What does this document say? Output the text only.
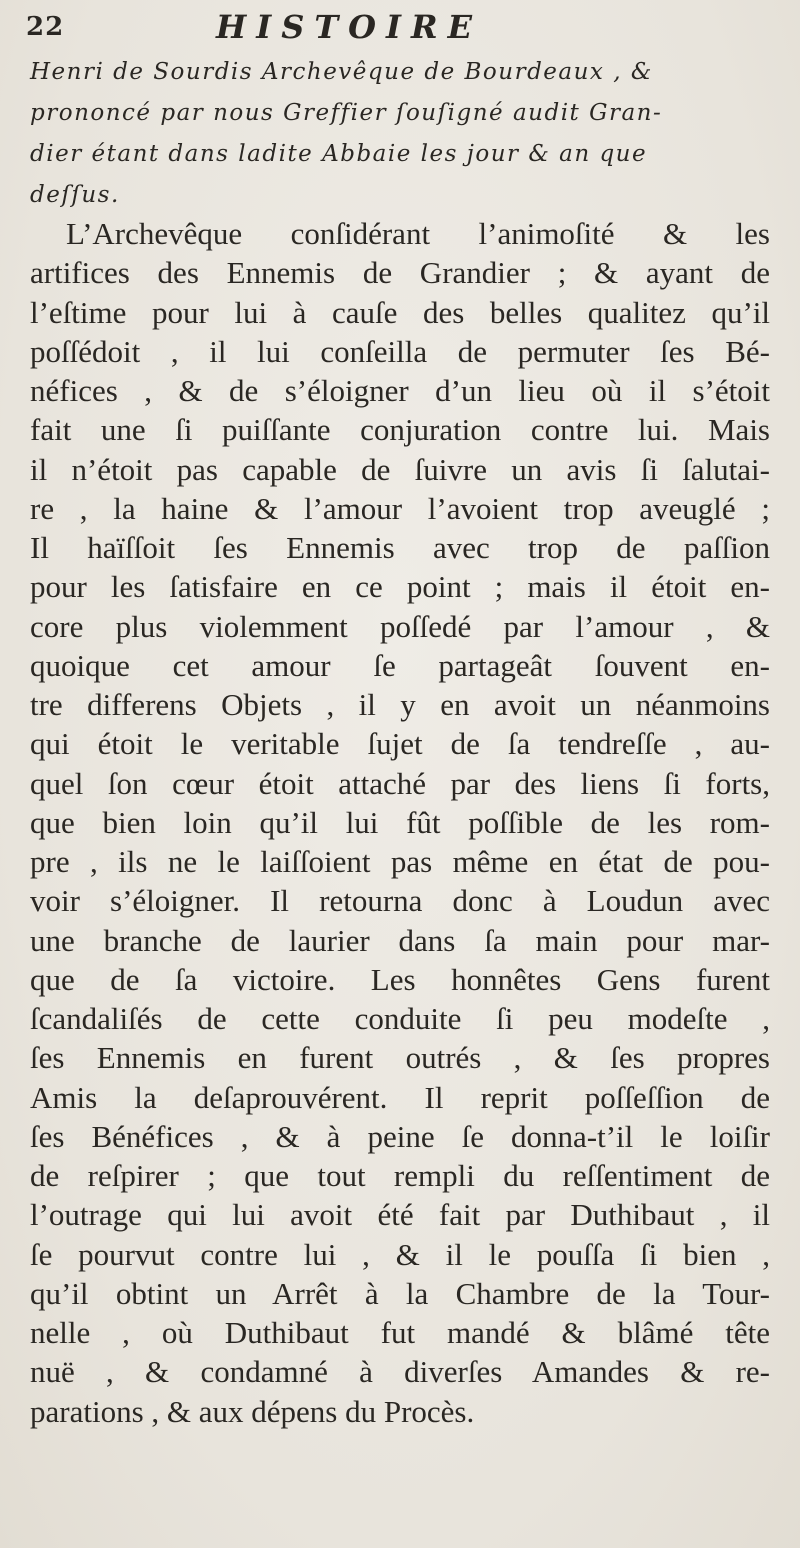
22	HISTOIRE
Henri de Sourdis Archevêque de Bourdeaux , &
prononcé par nous Greffier ſouſigné audit Gran-
dier étant dans ladite Abbaie les jour & an que
deſſus.
L’Archevêque conſidérant l’animoſité & les
artifices des Ennemis de Grandier ; & ayant de
l’eſtime pour lui à cauſe des belles qualitez qu’il
poſſédoit , il lui conſeilla de permuter ſes Bé-
néfices , & de s’éloigner d’un lieu où il s’étoit
fait une ſi puiſſante conjuration contre lui. Mais
il n’étoit pas capable de ſuivre un avis ſi ſalutai-
re , la haine & l’amour l’avoient trop aveuglé ;
Il haïſſoit ſes Ennemis avec trop de paſſion
pour les ſatisfaire en ce point ; mais il étoit en-
core plus violemment poſſedé par l’amour , &
quoique cet amour ſe partageât ſouvent en-
tre differens Objets , il y en avoit un néanmoins
qui étoit le veritable ſujet de ſa tendreſſe , au-
quel ſon cœur étoit attaché par des liens ſi forts,
que bien loin qu’il lui fût poſſible de les rom-
pre , ils ne le laiſſoient pas même en état de pou-
voir s’éloigner. Il retourna donc à Loudun avec
une branche de laurier dans ſa main pour mar-
que de ſa victoire. Les honnêtes Gens furent
ſcandaliſés de cette conduite ſi peu modeſte ,
ſes Ennemis en furent outrés , & ſes propres
Amis la deſaprouvérent. Il reprit poſſeſſion de
ſes Bénéfices , & à peine ſe donna-t’il le loiſir
de reſpirer ; que tout rempli du reſſentiment de
l’outrage qui lui avoit été fait par Duthibaut , il
ſe pourvut contre lui , & il le pouſſa ſi bien ,
qu’il obtint un Arrêt à la Chambre de la Tour-
nelle , où Duthibaut fut mandé & blâmé tête
nuë , & condamné à diverſes Amandes & re-
parations , & aux dépens du Procès.
